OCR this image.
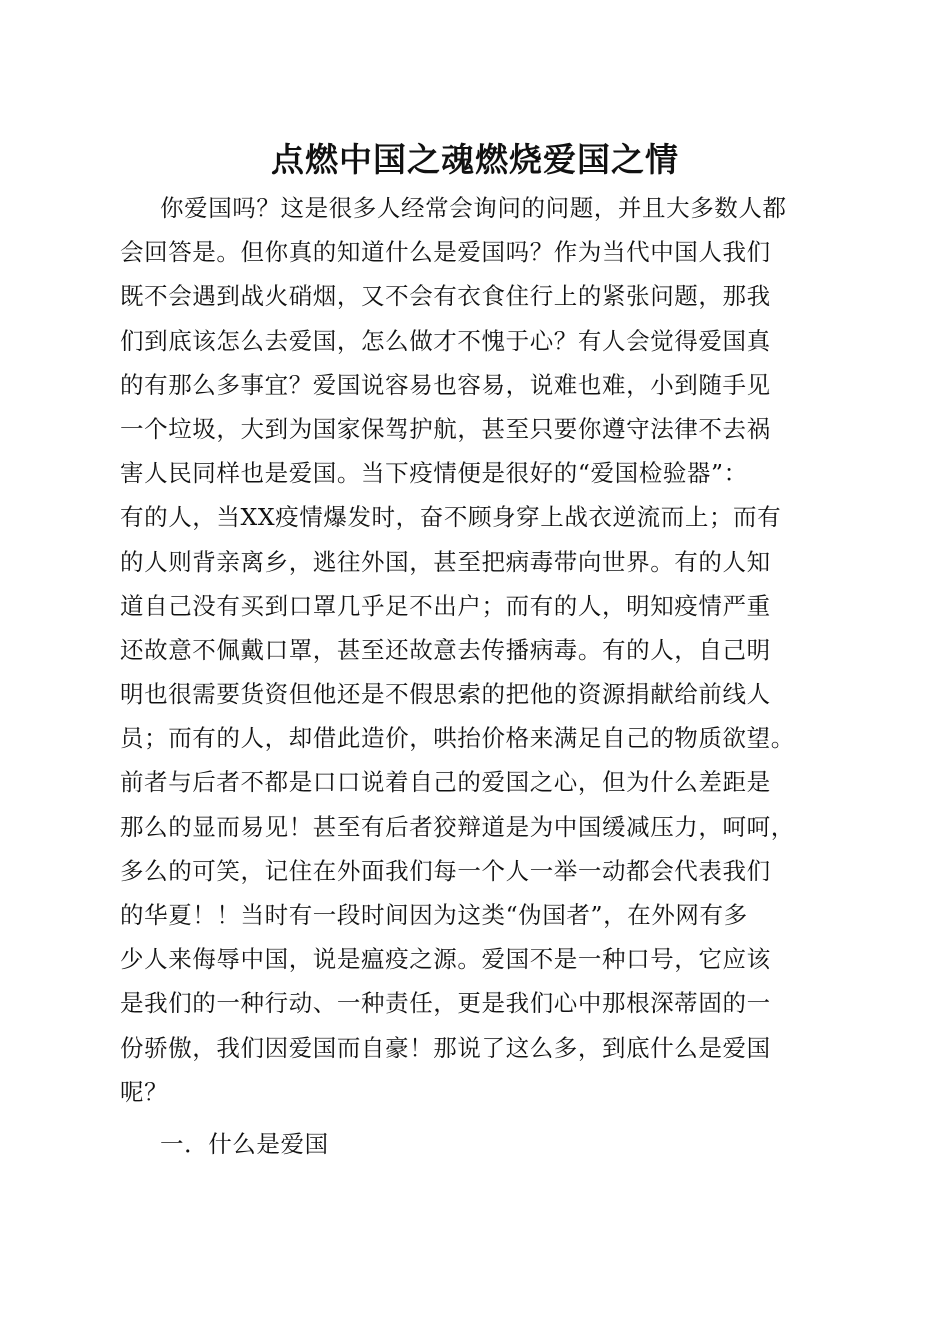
点燃中国之魂燃烧爱国之情
你爱国吗？这是很多人经常会询问的问题，并且大多数人都
会回答是。但你真的知道什么是爱国吗？作为当代中国人我们
既不会遇到战火硝烟，又不会有衣食住行上的紧张问题，那我
们到底该怎么去爱国，怎么做才不愧于心？有人会觉得爱国真
的有那么多事宜？爱国说容易也容易，说难也难，小到随手见
一个垃圾，大到为国家保驾护航，甚至只要你遵守法律不去祸
害人民同样也是爱国。当下疫情便是很好的“爱国检验器”：
有的人，当XX疫情爆发时，奋不顾身穿上战衣逆流而上；而有
的人则背亲离乡，逃往外国，甚至把病毒带向世界。有的人知
道自己没有买到口罩几乎足不出户；而有的人，明知疫情严重
还故意不佩戴口罩，甚至还故意去传播病毒。有的人，自己明
明也很需要货资但他还是不假思索的把他的资源捐献给前线人
员；而有的人，却借此造价，哄抬价格来满足自己的物质欲望。
前者与后者不都是口口说着自己的爱国之心，但为什么差距是
那么的显而易见！甚至有后者狡辩道是为中国缓减压力，呵呵，
多么的可笑，记住在外面我们每一个人一举一动都会代表我们
的华夏！！当时有一段时间因为这类“伪国者”，在外网有多
少人来侮辱中国，说是瘟疫之源。爱国不是一种口号，它应该
是我们的一种行动、一种责任，更是我们心中那根深蒂固的一
份骄傲，我们因爱国而自豪！那说了这么多，到底什么是爱国
呢？

一．什么是爱国
